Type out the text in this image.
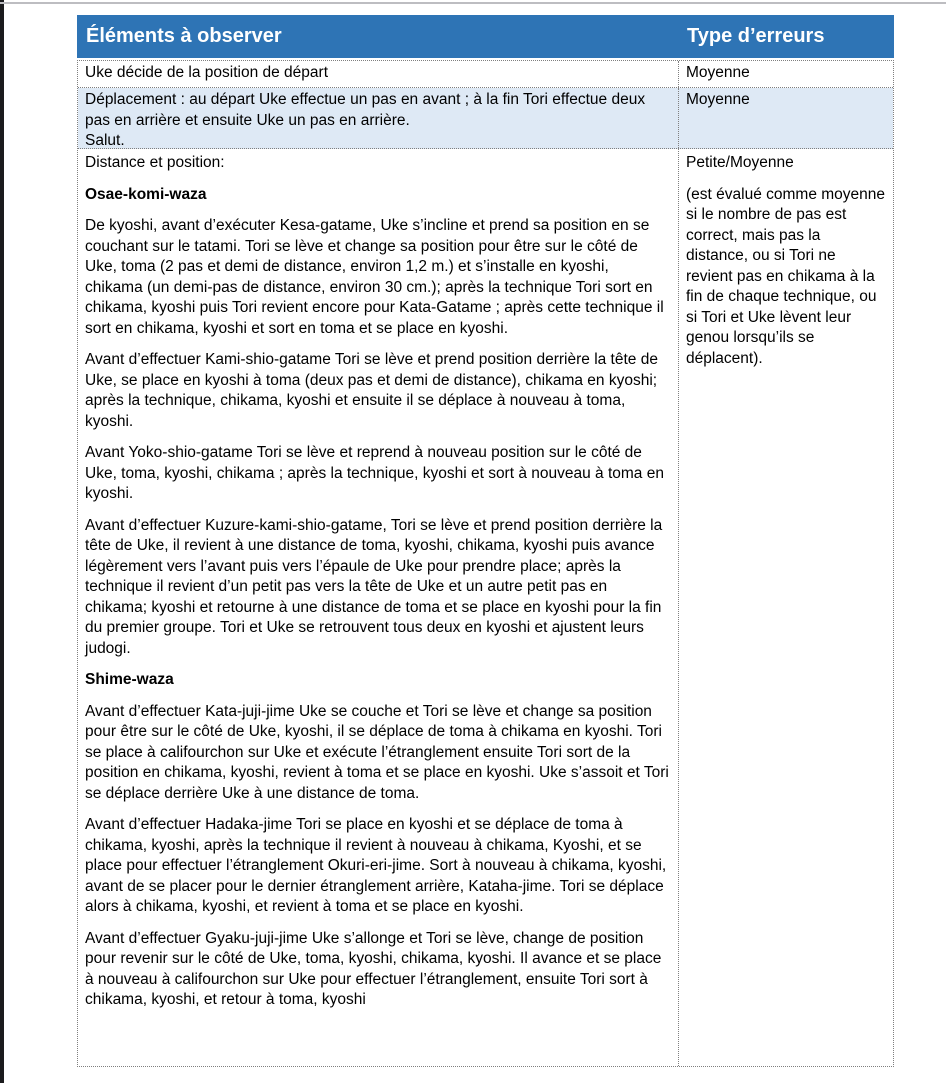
Éléments à observer	Type d’erreurs
Uke décide de la position de départ	Moyenne

Déplacement : au départ Uke effectue un pas en avant ; à la fin Tori effectue deux pas en arrière et ensuite Uke un pas en arrière.

Salut.

Moyenne

Distance et position:

Osae-komi-waza

De kyoshi, avant d’exécuter Kesa-gatame, Uke s’incline et prend sa position en se couchant sur le tatami. Tori se lève et change sa position pour être sur le côté de Uke, toma (2 pas et demi de distance, environ 1,2 m.) et s’installe en kyoshi, chikama (un demi-pas de distance, environ 30 cm.); après la technique Tori sort en chikama, kyoshi puis Tori revient encore pour Kata-Gatame ; après cette technique il sort en chikama, kyoshi et sort en toma et se place en kyoshi.

Avant d’effectuer Kami-shio-gatame Tori se lève et prend position derrière la tête de Uke, se place en kyoshi à toma (deux pas et demi de distance), chikama en kyoshi; après la technique, chikama, kyoshi et ensuite il se déplace à nouveau à toma, kyoshi.

Avant Yoko-shio-gatame Tori se lève et reprend à nouveau position sur le côté de Uke, toma, kyoshi, chikama ; après la technique, kyoshi et sort à nouveau à toma en kyoshi.

Avant d’effectuer Kuzure-kami-shio-gatame, Tori se lève et prend position derrière la tête de Uke, il revient à une distance de toma, kyoshi, chikama, kyoshi puis avance légèrement vers l’avant puis vers l’épaule de Uke pour prendre place; après la technique il revient d’un petit pas vers la tête de Uke et un autre petit pas en chikama; kyoshi et retourne à une distance de toma et se place en kyoshi pour la fin du premier groupe. Tori et Uke se retrouvent tous deux en kyoshi et ajustent leurs judogi.

Shime-waza

Avant d’effectuer Kata-juji-jime Uke se couche et Tori se lève et change sa position pour être sur le côté de Uke, kyoshi, il se déplace de toma à chikama en kyoshi. Tori se place à califourchon sur Uke et exécute l’étranglement ensuite Tori sort de la position en chikama, kyoshi, revient à toma et se place en kyoshi. Uke s’assoit et Tori se déplace derrière Uke à une distance de toma.

Avant d’effectuer Hadaka-jime Tori se place en kyoshi et se déplace de toma à chikama, kyoshi, après la technique il revient à nouveau à chikama, Kyoshi, et se place pour effectuer l’étranglement Okuri-eri-jime. Sort à nouveau à chikama, kyoshi, avant de se placer pour le dernier étranglement arrière, Kataha-jime. Tori se déplace alors à chikama, kyoshi, et revient à toma et se place en kyoshi.

Avant d’effectuer Gyaku-juji-jime Uke s’allonge et Tori se lève, change de position pour revenir sur le côté de Uke, toma, kyoshi, chikama, kyoshi. Il avance et se place à nouveau à califourchon sur Uke pour effectuer l’étranglement, ensuite Tori sort à chikama, kyoshi, et retour à toma, kyoshi

Petite/Moyenne

(est évalué comme moyenne si le nombre de pas est correct, mais pas la distance, ou si Tori ne revient pas en chikama à la fin de chaque technique, ou si Tori et Uke lèvent leur genou lorsqu’ils se déplacent).
